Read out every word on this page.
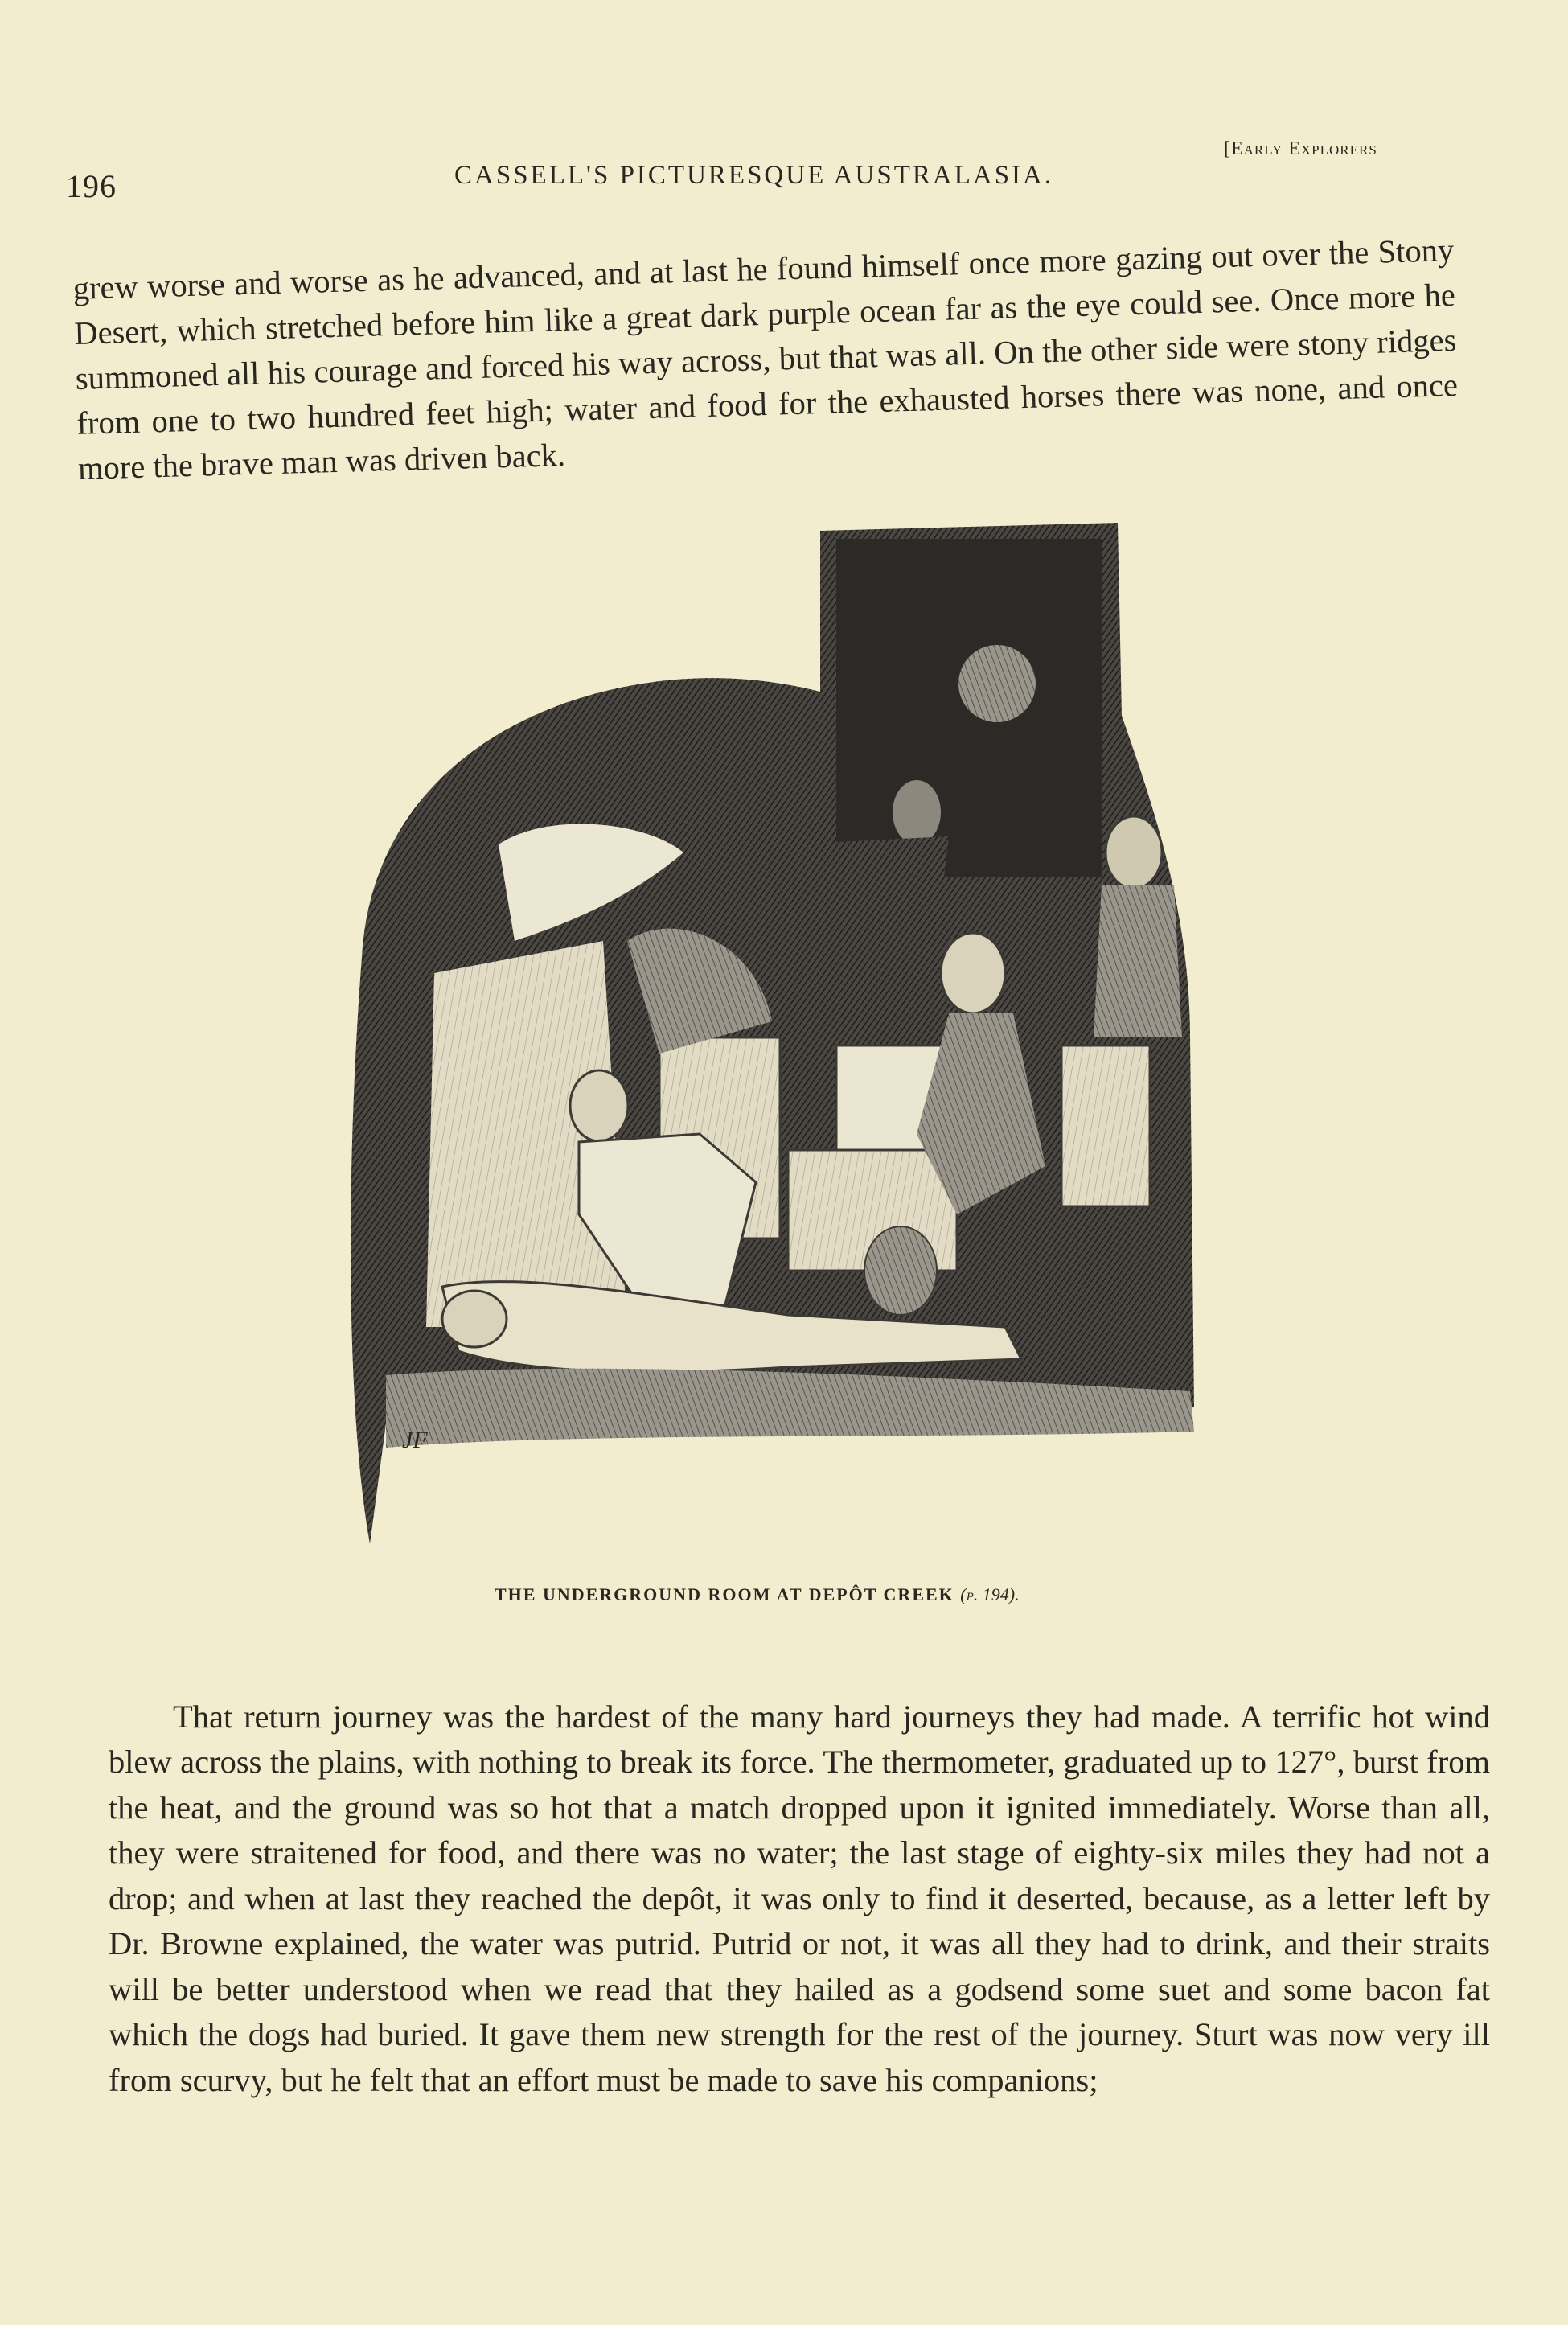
196	CASSELL'S PICTURESQUE AUSTRALASIA.
[Early Explorers

grew worse and worse as he advanced, and at last he found himself once more gazing out over the Stony Desert, which stretched before him like a great dark purple ocean far as the eye could see. Once more he summoned all his courage and forced his way across, but that was all. On the other side were stony ridges from one to two hundred feet high; water and food for the exhausted horses there was none, and once more the brave man was driven back.

JF
THE UNDERGROUND ROOM AT DEPÔT CREEK (p. 194).

That return journey was the hardest of the many hard journeys they had made. A terrific hot wind blew across the plains, with nothing to break its force. The thermometer, graduated up to 127°, burst from the heat, and the ground was so hot that a match dropped upon it ignited immediately. Worse than all, they were straitened for food, and there was no water; the last stage of eighty-six miles they had not a drop; and when at last they reached the depôt, it was only to find it deserted, because, as a letter left by Dr. Browne explained, the water was putrid. Putrid or not, it was all they had to drink, and their straits will be better understood when we read that they hailed as a godsend some suet and some bacon fat which the dogs had buried. It gave them new strength for the rest of the journey. Sturt was now very ill from scurvy, but he felt that an effort must be made to save his companions;
